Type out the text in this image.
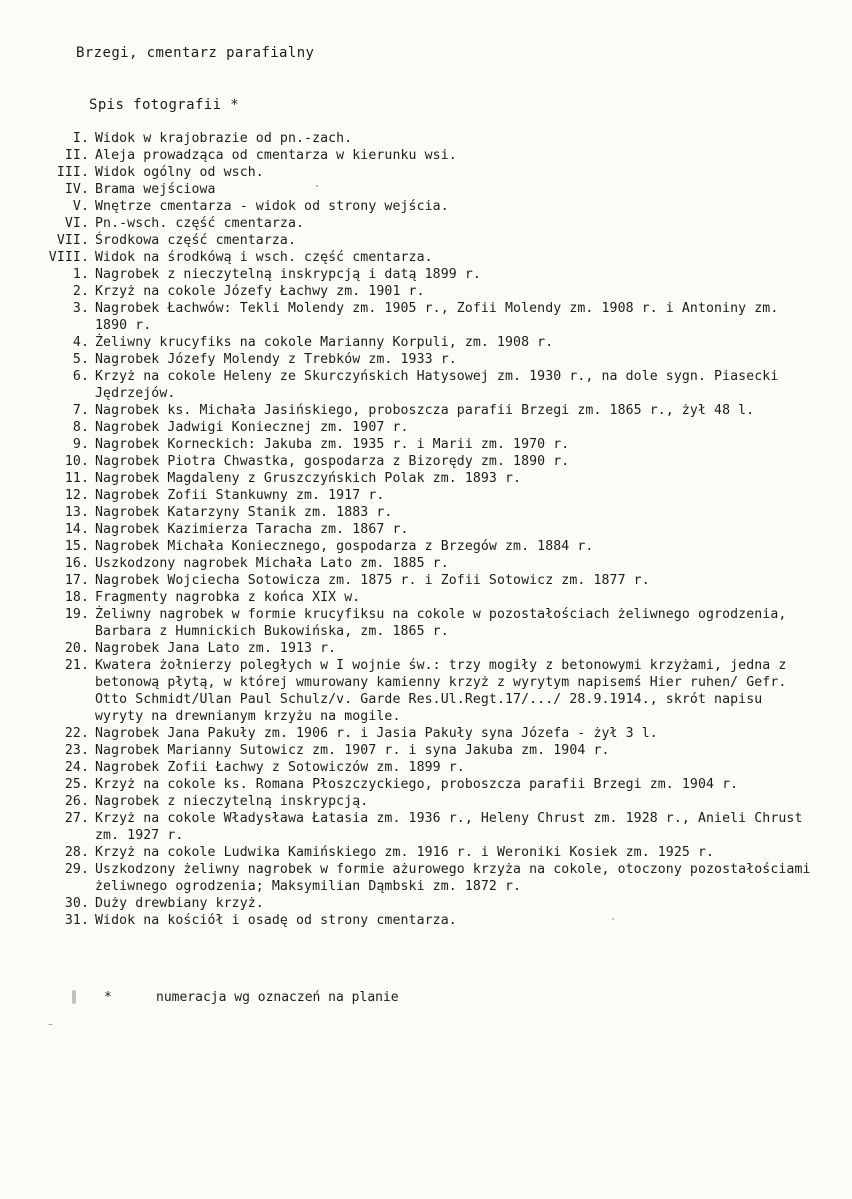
Brzegi, cmentarz parafialny
Spis fotografii *
I. Widok w krajobrazie od pn.-zach.
II. Aleja prowadząca od cmentarza w kierunku wsi.
III. Widok ogólny od wsch.
IV. Brama wejściowa
V. Wnętrze cmentarza - widok od strony wejścia.
VI. Pn.-wsch. część cmentarza.
VII. Środkowa część cmentarza.
VIII. Widok na środkówą i wsch. część cmentarza.
1. Nagrobek z nieczytelną inskrypcją i datą 1899 r.
2. Krzyż na cokole Józefy Łachwy zm. 1901 r.
3. Nagrobek Łachwów: Tekli Molendy zm. 1905 r., Zofii Molendy zm. 1908 r. i Antoniny zm. 1890 r.
4. Żeliwny krucyfiks na cokole Marianny Korpuli, zm. 1908 r.
5. Nagrobek Józefy Molendy z Trebków zm. 1933 r.
6. Krzyż na cokole Heleny ze Skurczyńskich Hatysowej zm. 1930 r., na dole sygn. Piasecki Jędrzejów.
7. Nagrobek ks. Michała Jasińskiego, proboszcza parafii Brzegi zm. 1865 r., żył 48 l.
8. Nagrobek Jadwigi Koniecznej zm. 1907 r.
9. Nagrobek Korneckich: Jakuba zm. 1935 r. i Marii zm. 1970 r.
10. Nagrobek Piotra Chwastka, gospodarza z Bizorędy zm. 1890 r.
11. Nagrobek Magdaleny z Gruszczyńskich Polak zm. 1893 r.
12. Nagrobek Zofii Stankuwny zm. 1917 r.
13. Nagrobek Katarzyny Stanik zm. 1883 r.
14. Nagrobek Kazimierza Taracha zm. 1867 r.
15. Nagrobek Michała Koniecznego, gospodarza z Brzegów zm. 1884 r.
16. Uszkodzony nagrobek Michała Lato zm. 1885 r.
17. Nagrobek Wojciecha Sotowicza zm. 1875 r. i Zofii Sotowicz zm. 1877 r.
18. Fragmenty nagrobka z końca XIX w.
19. Żeliwny nagrobek w formie krucyfiksu na cokole w pozostałościach żeliwnego ogrodzenia, Barbara z Humnickich Bukowińska, zm. 1865 r.
20. Nagrobek Jana Lato zm. 1913 r.
21. Kwatera żołnierzy poległych w I wojnie św.: trzy mogiły z betonowymi krzyżami, jedna z betonową płytą, w której wmurowany kamienny krzyż z wyrytym napisemś Hier ruhen/ Gefr. Otto Schmidt/Ulan Paul Schulz/v. Garde Res.Ul.Regt.17/.../ 28.9.1914., skrót napisu wyryty na drewnianym krzyżu na mogile.
22. Nagrobek Jana Pakuły zm. 1906 r. i Jasia Pakuły syna Józefa - żył 3 l.
23. Nagrobek Marianny Sutowicz zm. 1907 r. i syna Jakuba zm. 1904 r.
24. Nagrobek Zofii Łachwy z Sotowiczów zm. 1899 r.
25. Krzyż na cokole ks. Romana Płoszczyckiego, proboszcza parafii Brzegi zm. 1904 r.
26. Nagrobek z nieczytelną inskrypcją.
27. Krzyż na cokole Władysława Łatasia zm. 1936 r., Heleny Chrust zm. 1928 r., Anieli Chrust zm. 1927 r.
28. Krzyż na cokole Ludwika Kamińskiego zm. 1916 r. i Weroniki Kosiek zm. 1925 r.
29. Uszkodzony żeliwny nagrobek w formie ażurowego krzyża na cokole, otoczony pozostałościami żeliwnego ogrodzenia; Maksymilian Dąmbski zm. 1872 r.
30. Duży drewbiany krzyż.
31. Widok na kościół i osadę od strony cmentarza.
*	numeracja wg oznaczeń na planie
